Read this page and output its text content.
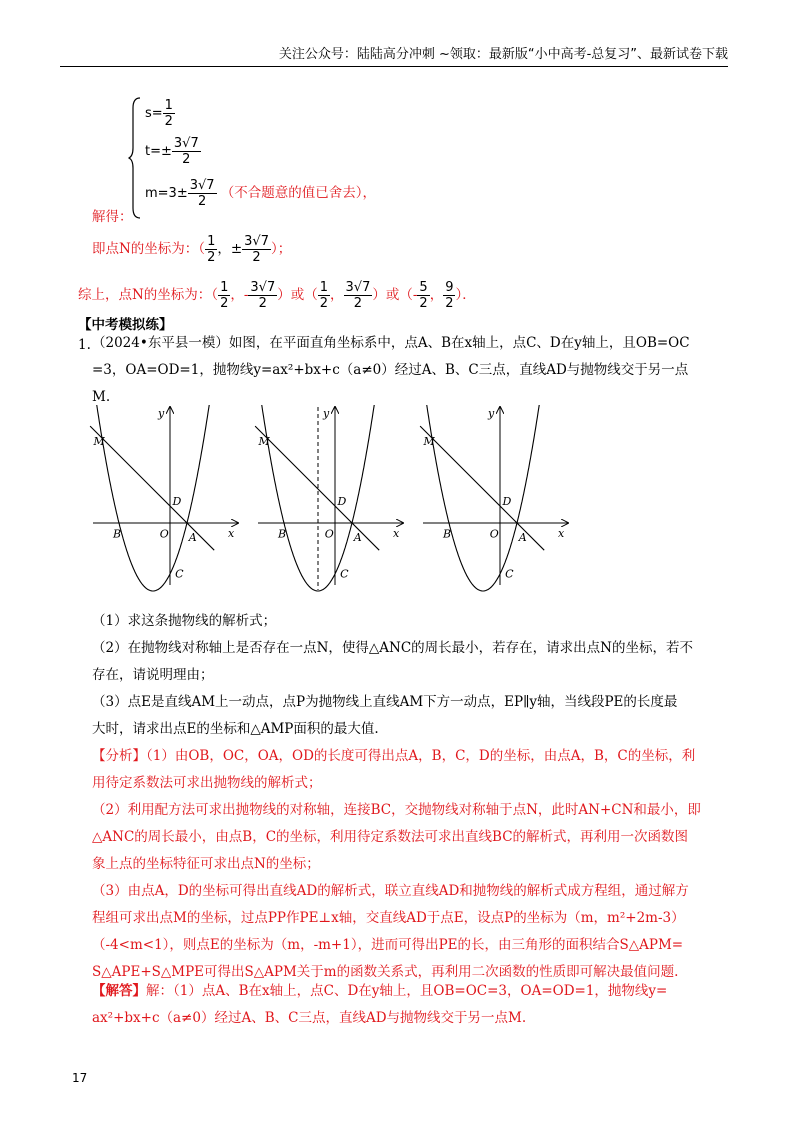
关注公众号：陆陆高分冲刺 ~领取：最新版“小中高考-总复习”、最新试卷下载
$s= \frac{1}{2}$
$t=\pm \frac{3√7}{2}$
$m=3\pm \frac{3√7}{2}$ （不合题意的值已舍去），
解得：
即点N的坐标为：（ $\frac{1}{2}$ ，± $\frac{3√7}{2}$ ）；
综上，点N的坐标为：（ $\frac{1}{2}$ ，- $\frac{3√7}{2}$ ）或（ $\frac{1}{2}$ ， $\frac{3√7}{2}$ ）或（- $\frac{5}{2}$ ， $\frac{9}{2}$ ）．
【中考模拟练】
1. （2024•东平县一模）如图，在平面直角坐标系中，点A、B在x轴上，点C、D在y轴上，且OB=OC
=3，OA=OD=1，抛物线y=ax²+bx+c（a≠0）经过A、B、C三点，直线AD与抛物线交于另一点
M.
M
D
B	O A
C
x
y
M
D
B	O A
C
x
y
M
D
B	O A
C
x
y
（1）求这条抛物线的解析式；
（2）在抛物线对称轴上是否存在一点N，使得△ANC的周长最小，若存在，请求出点N的坐标，若不
存在，请说明理由；
（3）点E是直线AM上一动点，点P为抛物线上直线AM下方一动点，EP∥y轴，当线段PE的长度最
大时，请求出点E的坐标和△AMP面积的最大值.
【分析】（1）由OB，OC，OA，OD的长度可得出点A，B，C，D的坐标，由点A，B，C的坐标，利
用待定系数法可求出抛物线的解析式；
（2）利用配方法可求出抛物线的对称轴，连接BC，交抛物线对称轴于点N，此时AN+CN和最小，即
△ANC的周长最小，由点B，C的坐标，利用待定系数法可求出直线BC的解析式，再利用一次函数图
象上点的坐标特征可求出点N的坐标；
（3）由点A，D的坐标可得出直线AD的解析式，联立直线AD和抛物线的解析式成方程组，通过解方
程组可求出点M的坐标，过点PP作PE⊥x轴，交直线AD于点E，设点P的坐标为（m，m²+2m-3）
（-4<m<1），则点E的坐标为（m，-m+1），进而可得出PE的长，由三角形的面积结合S△APM=
S△APE+S△MPE可得出S△APM关于m的函数关系式，再利用二次函数的性质即可解决最值问题.
【解答】解：（1）点A、B在x轴上，点C、D在y轴上，且OB=OC=3，OA=OD=1，抛物线y=
ax²+bx+c（a≠0）经过A、B、C三点，直线AD与抛物线交于另一点M.
17
